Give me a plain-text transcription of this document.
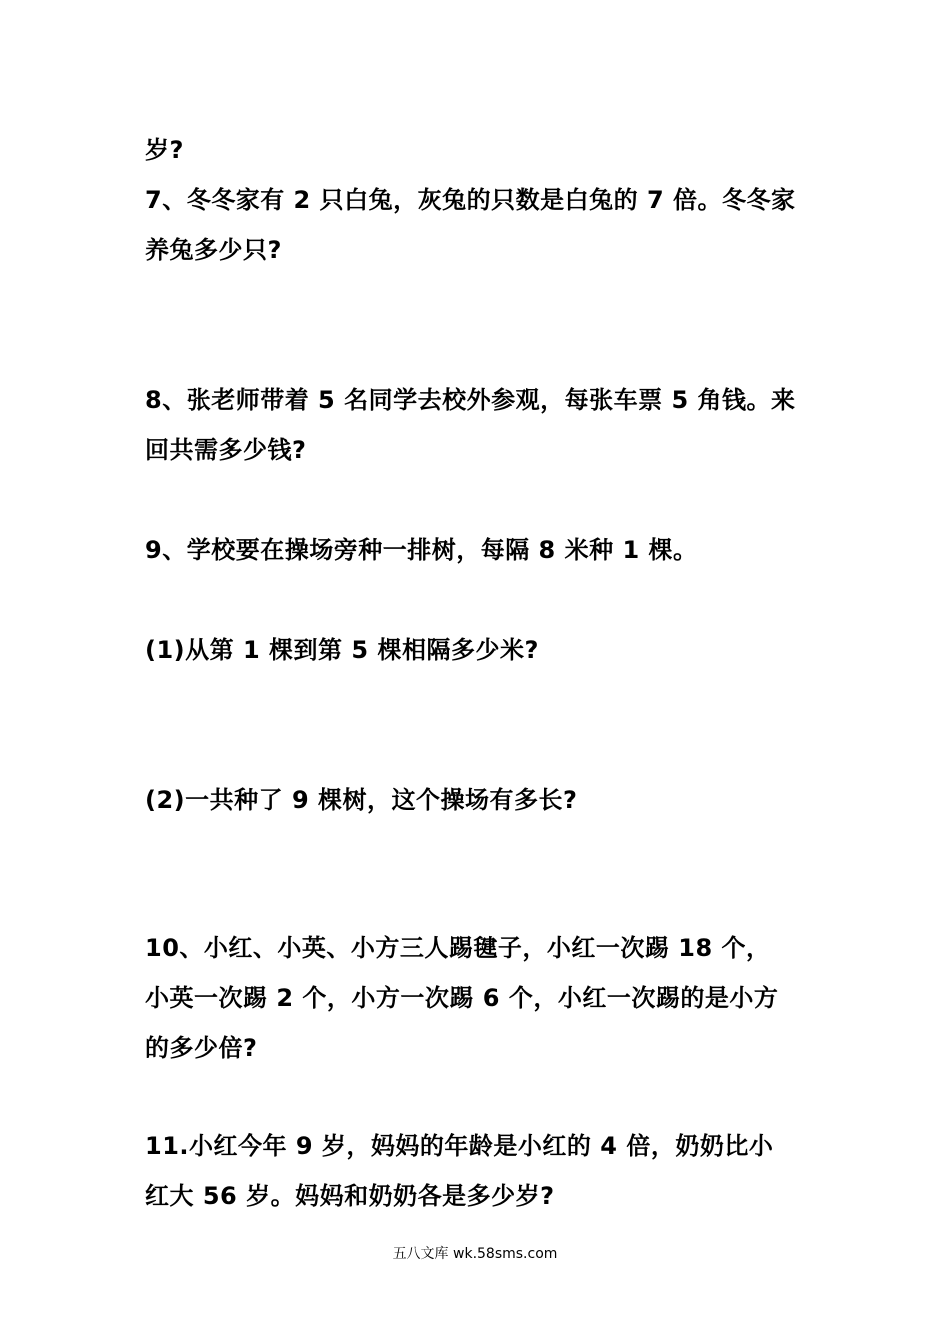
岁?
7、冬冬家有 2 只白兔，灰兔的只数是白兔的 7 倍。冬冬家
养兔多少只?
8、张老师带着 5 名同学去校外参观，每张车票 5 角钱。来
回共需多少钱?
9、学校要在操场旁种一排树，每隔 8 米种 1 棵。
(1)从第 1 棵到第 5 棵相隔多少米?
(2)一共种了 9 棵树，这个操场有多长?
10、小红、小英、小方三人踢毽子，小红一次踢 18 个，
小英一次踢 2 个，小方一次踢 6 个，小红一次踢的是小方
的多少倍?
11.小红今年 9 岁，妈妈的年龄是小红的 4 倍，奶奶比小
红大 56 岁。妈妈和奶奶各是多少岁?
五八文库 wk.58sms.com
